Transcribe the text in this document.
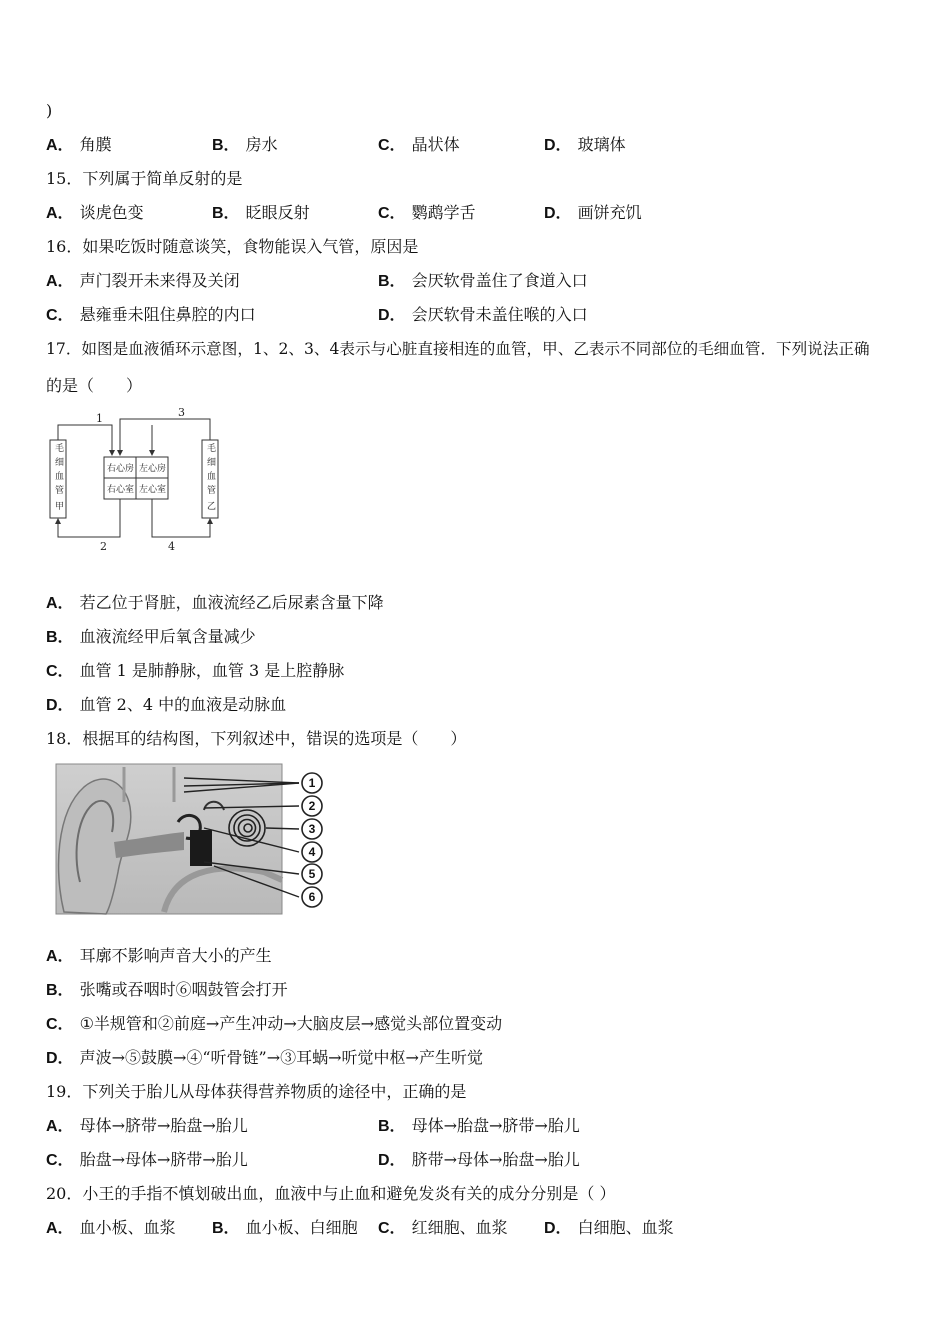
)
A． 角膜	B． 房水	C． 晶状体	D． 玻璃体
15．下列属于简单反射的是
A． 谈虎色变	B． 眨眼反射	C． 鹦鹉学舌	D． 画饼充饥
16．如果吃饭时随意谈笑，食物能误入气管，原因是
A． 声门裂开未来得及关闭	B． 会厌软骨盖住了食道入口
C． 悬雍垂未阻住鼻腔的内口	D． 会厌软骨未盖住喉的入口
17．如图是血液循环示意图，1、2、3、4表示与心脏直接相连的血管，甲、乙表示不同部位的毛细血管．下列说法正确
的是（　　）
毛
细
血
管
甲
毛
细
血
管
乙
右心房 左心房
右心室 左心室
1
2
3
4
A． 若乙位于肾脏，血液流经乙后尿素含量下降
B． 血液流经甲后氧含量减少
C． 血管 1 是肺静脉，血管 3 是上腔静脉
D． 血管 2、4 中的血液是动脉血
18．根据耳的结构图，下列叙述中，错误的选项是（　　）
1
2
3
4
5
6
A． 耳廓不影响声音大小的产生
B． 张嘴或吞咽时⑥咽鼓管会打开
C． ①半规管和②前庭→产生冲动→大脑皮层→感觉头部位置变动
D． 声波→⑤鼓膜→④“听骨链”→③耳蜗→听觉中枢→产生听觉
19．下列关于胎儿从母体获得营养物质的途径中，正确的是
A． 母体→脐带→胎盘→胎儿	B． 母体→胎盘→脐带→胎儿
C． 胎盘→母体→脐带→胎儿	D． 脐带→母体→胎盘→胎儿
20．小王的手指不慎划破出血，血液中与止血和避免发炎有关的成分分别是（ ）
A． 血小板、血浆 B． 血小板、白细胞 C． 红细胞、血浆 D． 白细胞、血浆
